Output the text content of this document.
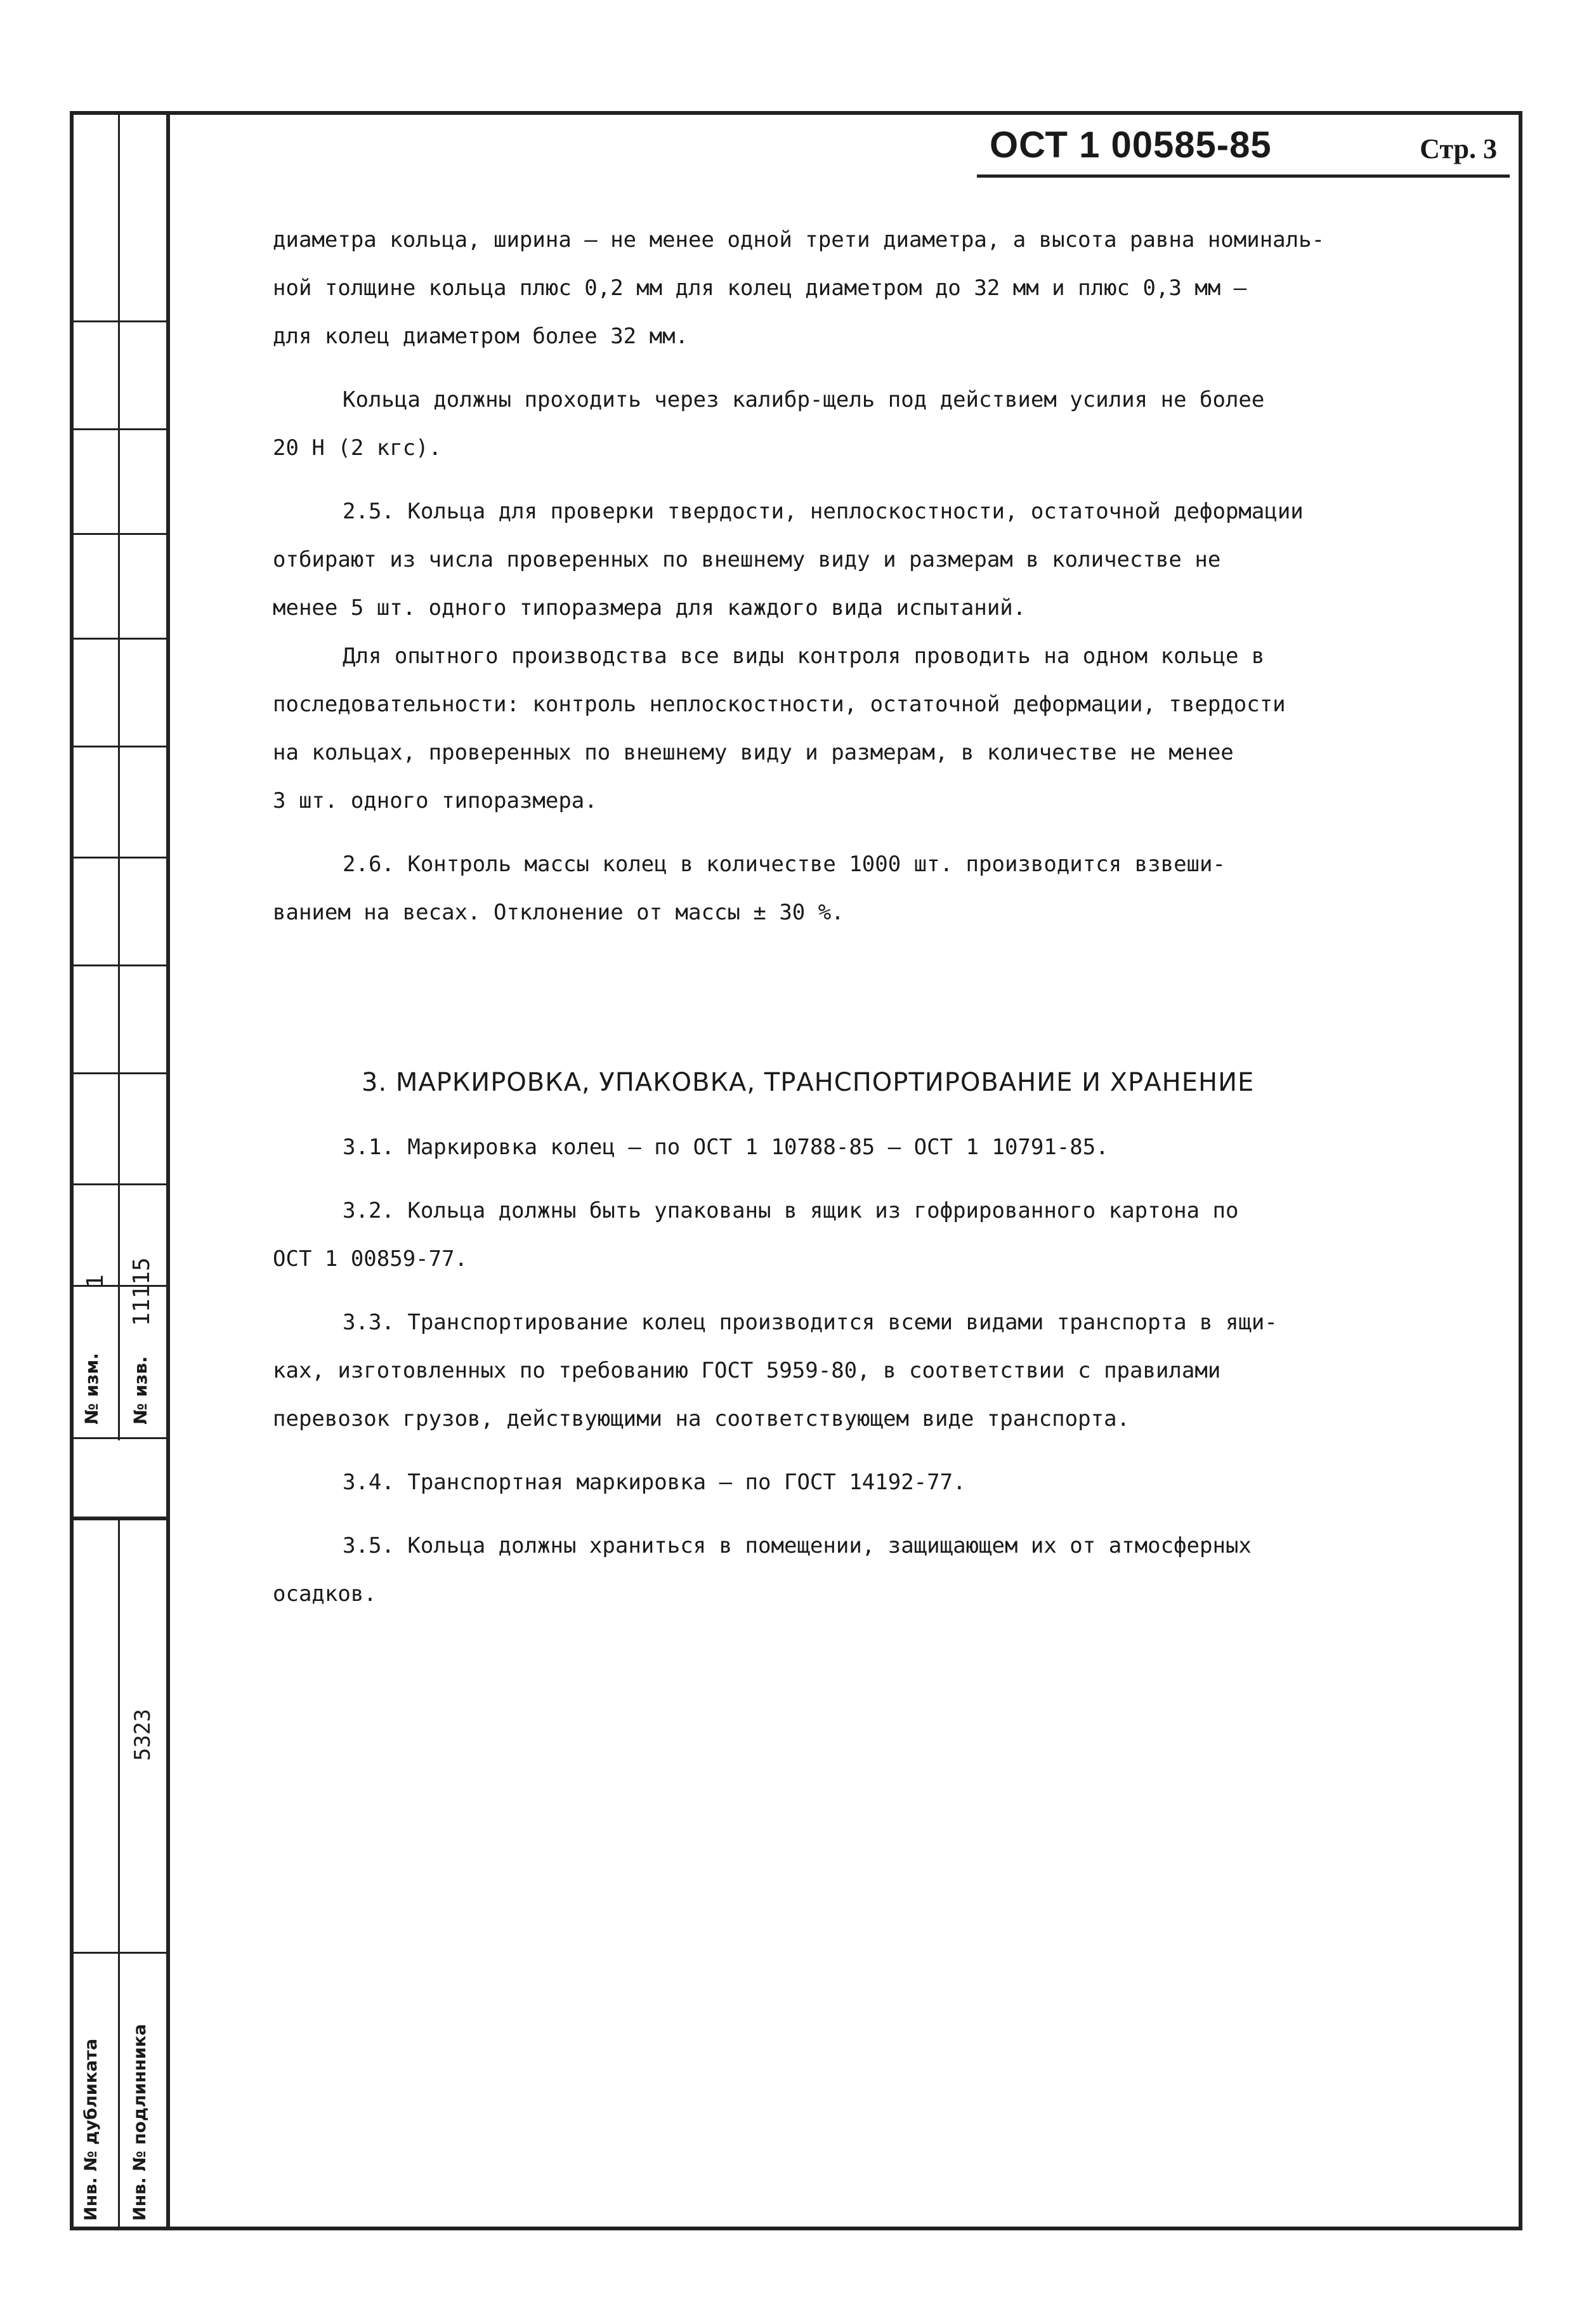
№ изм.
1
№ изв.
11115
5323
Инв. № дубликата Инв. № подлинника
ОСТ 1 00585-85	Стр. 3
диаметра кольца, ширина – не менее одной трети диаметра, а высота равна номиналь-
ной толщине кольца плюс 0,2 мм для колец диаметром до 32 мм и плюс 0,3 мм –
для колец диаметром более 32 мм.
Кольца должны проходить через калибр-щель под действием усилия не более
20 Н (2 кгс).
2.5. Кольца для проверки твердости, неплоскостности, остаточной деформации
отбирают из числа проверенных по внешнему виду и размерам в количестве не
менее 5 шт. одного типоразмера для каждого вида испытаний.
Для опытного производства все виды контроля проводить на одном кольце в
последовательности: контроль неплоскостности, остаточной деформации, твердости
на кольцах, проверенных по внешнему виду и размерам, в количестве не менее
3 шт. одного типоразмера.
2.6. Контроль массы колец в количестве 1000 шт. производится взвеши-
ванием на весах. Отклонение от массы ± 30 %.
3. МАРКИРОВКА, УПАКОВКА, ТРАНСПОРТИРОВАНИЕ И ХРАНЕНИЕ
3.1. Маркировка колец – по ОСТ 1 10788-85 – ОСТ 1 10791-85.
3.2. Кольца должны быть упакованы в ящик из гофрированного картона по
ОСТ 1 00859-77.
3.3. Транспортирование колец производится всеми видами транспорта в ящи-
ках, изготовленных по требованию ГОСТ 5959-80, в соответствии с правилами
перевозок грузов, действующими на соответствующем виде транспорта.
3.4. Транспортная маркировка – по ГОСТ 14192-77.
3.5. Кольца должны храниться в помещении, защищающем их от атмосферных
осадков.
